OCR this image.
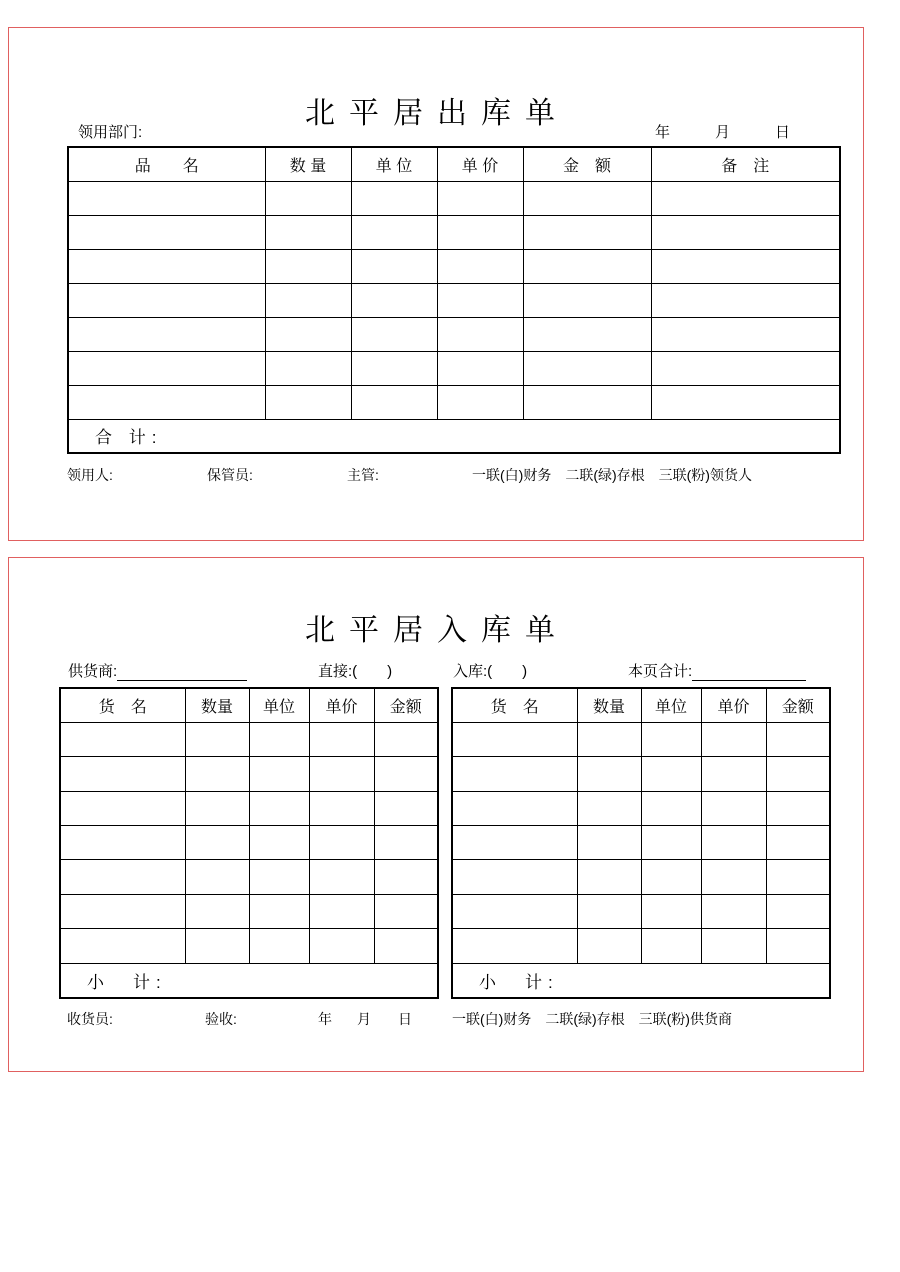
北平居出库单
领用部门:	年	月	日
品　　名	数 量	单 位	单 价	金　额	备　注

合 计:					
领用人:	保管员:	主管:	一联(白)财务　二联(绿)存根　三联(粉)领货人
北平居入库单
供货商:	直接:(　　)	入库:(　　)	本页合计:
货　名	数量	单位	单价	金额

小　计:				
货　名	数量	单位	单价	金额

小　计:				
收货员:	验收:	年 月 日	一联(白)财务　二联(绿)存根　三联(粉)供货商
